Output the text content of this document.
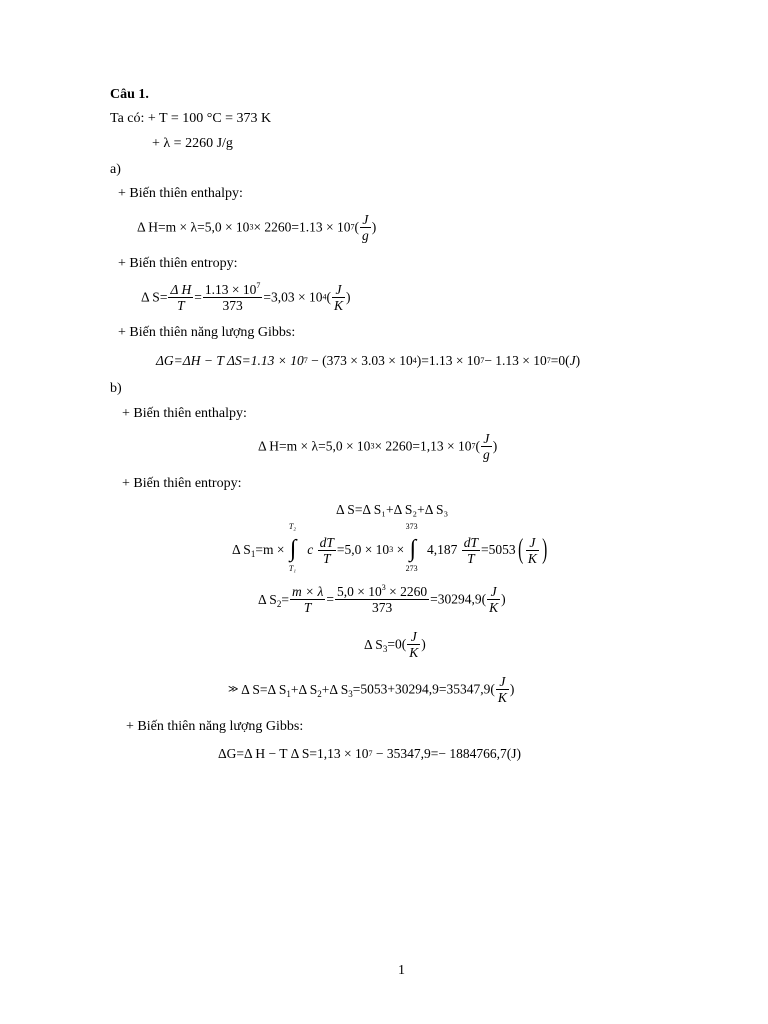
Câu 1.
Ta có: + T = 100 °C = 373 K
+ λ = 2260 J/g
a)
+ Biến thiên enthalpy:
Δ $H=m \times \lambda=5,0 \times 103\times 2260=1.13 \times 107( \frac{J}{g}$ )
+ Biến thiên entropy:
Δ $S= \frac{\text{Δ H}}{T} = \frac{1.13 \times 10^7}{373} =3,03 \times 104( \frac{J}{K}$ )
+ Biến thiên năng lượng Gibbs:
ΔG=ΔH − T ΔS=1.13 × 107 − (373 × 3.03 × 104)=1.13 × 107− 1.13 × 107=0(J)
b)
+ Biến thiên enthalpy:
Δ $H=m \times \lambda=5,0 \times 103\times 2260=1,13 \times 107( \frac{J}{g}$ )
+ Biến thiên entropy:
Δ S=Δ S₁+Δ S₂+Δ S₃
Δ $S_1=m$ ×
T₂
∫
T₁
c $\frac{dT}{T} =5,0 \times 103$ ×
373
∫
273
$4,187 \frac{dT}{T} =5053( \frac{J}{K}$ )
Δ $S_2= \frac{m \times \lambda}{T} = \frac{5,0 \times 10^3 \times 2260}{373} =30294,9( \frac{J}{K}$ )
Δ $S_3=0( \frac{J}{K}$ )
≫ Δ S=Δ $S_1+\Delta$ $S_2+\Delta$ $S_3=5053+30294,9=35347,9( \frac{J}{K}$ )
+ Biến thiên năng lượng Gibbs:
ΔG=Δ H − T Δ S=1,13 × 107 − 35347,9=− 1884766,7(J)
1
